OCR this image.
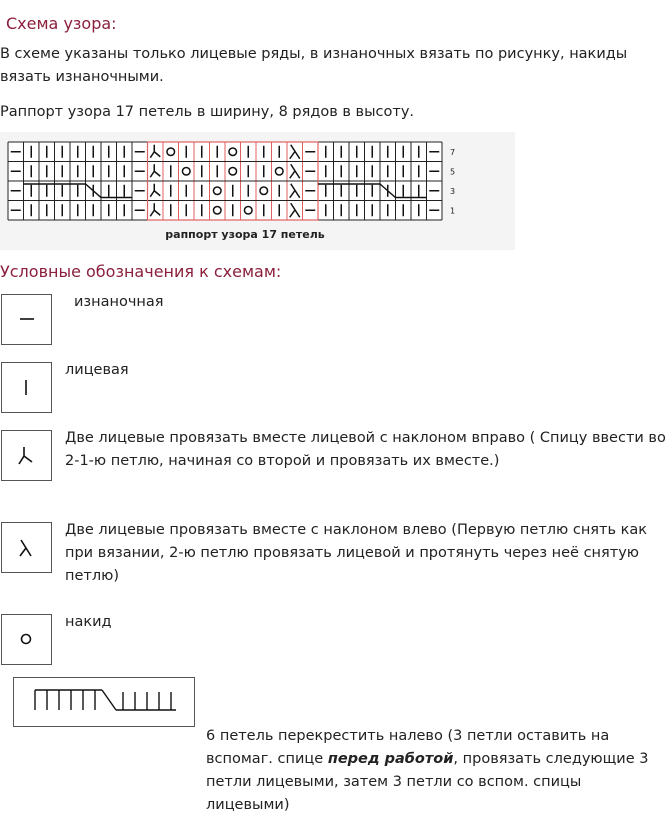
Схема узора:
В схеме указаны только лицевые ряды, в изнаночных вязать по рисунку, накиды вязать изнаночными.
Раппорт узора 17 петель в ширину, 8 рядов в высоту.
7
5
3
1
раппорт узора 17 петель
Условные обозначения к схемам:
изнаночная
лицевая
Две лицевые провязать вместе лицевой с наклоном вправо ( Спицу ввести во 2-1-ю петлю, начиная со второй и провязать их вместе.)
Две лицевые провязать вместе с наклоном влево (Первую петлю снять как при вязании, 2-ю петлю провязать лицевой и протянуть через неё снятую петлю)
накид
6 петель перекрестить налево (3 петли оставить на вспомаг. спице перед работой, провязать следующие 3 петли лицевыми, затем 3 петли со вспом. спицы лицевыми)
